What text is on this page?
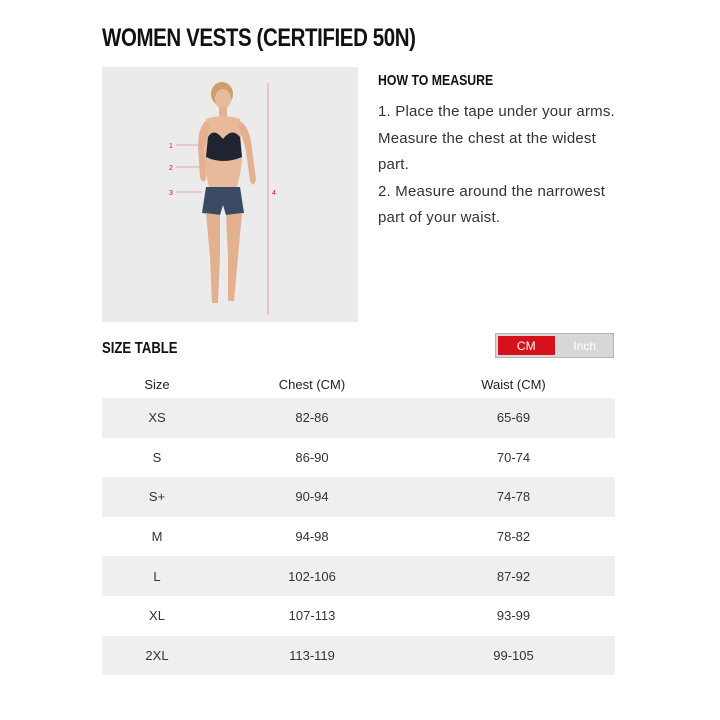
WOMEN VESTS (CERTIFIED 50N)
1
2
3	4
HOW TO MEASURE

1. Place the tape under your arms. Measure the chest at the widest part.
2. Measure around the narrowest part of your waist.

SIZE TABLE	CM	Inch
Size	Chest (CM)	Waist (CM)
XS	82-86	65-69
S	86-90	70-74
S+	90-94	74-78
M	94-98	78-82
L	102-106	87-92
XL	107-113	93-99
2XL	113-119	99-105
